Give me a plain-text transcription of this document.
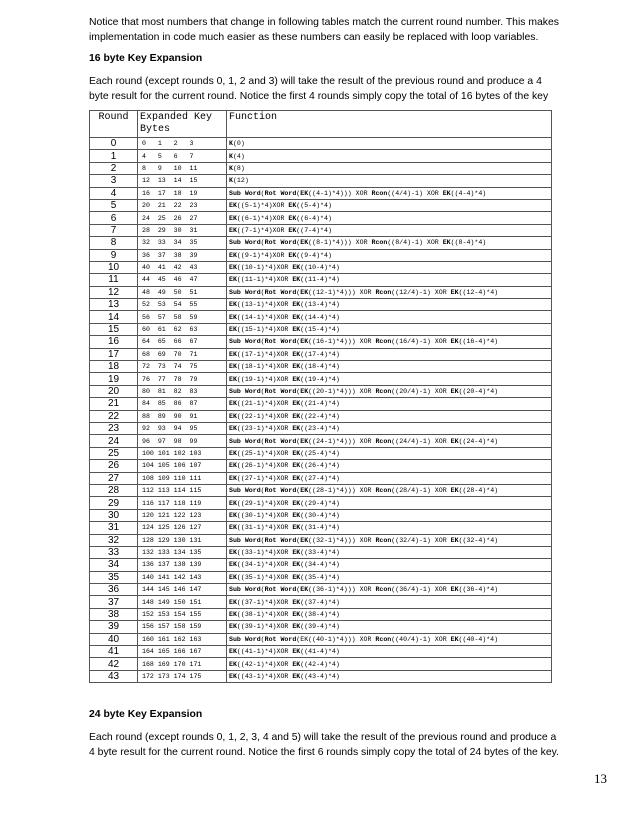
Notice that most numbers that change in following tables match the current round number. This makes implementation in code much easier as these numbers can easily be replaced with loop variables.
16 byte Key Expansion
Each round (except rounds 0, 1, 2 and 3) will take the result of the previous round and produce a 4 byte result for the current round. Notice the first 4 rounds simply copy the total of 16 bytes of the key
Round	Expanded Key Bytes	Function
0	0   1   2   3	K(0)
1	4   5   6   7	K(4)
2	8   9   10  11	K(8)
3	12  13  14  15	K(12)
4	16  17  18  19	Sub Word(Rot Word(EK((4-1)*4))) XOR Rcon((4/4)-1) XOR EK((4-4)*4)
5	20  21  22  23	EK((5-1)*4)XOR EK((5-4)*4)
6	24  25  26  27	EK((6-1)*4)XOR EK((6-4)*4)
7	28  29  30  31	EK((7-1)*4)XOR EK((7-4)*4)
8	32  33  34  35	Sub Word(Rot Word(EK((8-1)*4))) XOR Rcon((8/4)-1) XOR EK((8-4)*4)
9	36  37  38  39	EK((9-1)*4)XOR EK((9-4)*4)
10	40  41  42  43	EK((10-1)*4)XOR EK((10-4)*4)
11	44  45  46  47	EK((11-1)*4)XOR EK((11-4)*4)
12	48  49  50  51	Sub Word(Rot Word(EK((12-1)*4))) XOR Rcon((12/4)-1) XOR EK((12-4)*4)
13	52  53  54  55	EK((13-1)*4)XOR EK((13-4)*4)
14	56  57  58  59	EK((14-1)*4)XOR EK((14-4)*4)
15	60  61  62  63	EK((15-1)*4)XOR EK((15-4)*4)
16	64  65  66  67	Sub Word(Rot Word(EK((16-1)*4))) XOR Rcon((16/4)-1) XOR EK((16-4)*4)
17	68  69  70  71	EK((17-1)*4)XOR EK((17-4)*4)
18	72  73  74  75	EK((18-1)*4)XOR EK((18-4)*4)
19	76  77  78  79	EK((19-1)*4)XOR EK((19-4)*4)
20	80  81  82  83	Sub Word(Rot Word(EK((20-1)*4))) XOR Rcon((20/4)-1) XOR EK((20-4)*4)
21	84  85  86  87	EK((21-1)*4)XOR EK((21-4)*4)
22	88  89  90  91	EK((22-1)*4)XOR EK((22-4)*4)
23	92  93  94  95	EK((23-1)*4)XOR EK((23-4)*4)
24	96  97  98  99	Sub Word(Rot Word(EK((24-1)*4))) XOR Rcon((24/4)-1) XOR EK((24-4)*4)
25	100 101 102 103	EK((25-1)*4)XOR EK((25-4)*4)
26	104 105 106 107	EK((26-1)*4)XOR EK((26-4)*4)
27	108 109 110 111	EK((27-1)*4)XOR EK((27-4)*4)
28	112 113 114 115	Sub Word(Rot Word(EK((28-1)*4))) XOR Rcon((28/4)-1) XOR EK((28-4)*4)
29	116 117 118 119	EK((29-1)*4)XOR EK((29-4)*4)
30	120 121 122 123	EK((30-1)*4)XOR EK((30-4)*4)
31	124 125 126 127	EK((31-1)*4)XOR EK((31-4)*4)
32	128 129 130 131	Sub Word(Rot Word(EK((32-1)*4))) XOR Rcon((32/4)-1) XOR EK((32-4)*4)
33	132 133 134 135	EK((33-1)*4)XOR EK((33-4)*4)
34	136 137 138 139	EK((34-1)*4)XOR EK((34-4)*4)
35	140 141 142 143	EK((35-1)*4)XOR EK((35-4)*4)
36	144 145 146 147	Sub Word(Rot Word(EK((36-1)*4))) XOR Rcon((36/4)-1) XOR EK((36-4)*4)
37	148 149 150 151	EK((37-1)*4)XOR EK((37-4)*4)
38	152 153 154 155	EK((38-1)*4)XOR EK((38-4)*4)
39	156 157 158 159	EK((39-1)*4)XOR EK((39-4)*4)
40	160 161 162 163	Sub Word(Rot Word(EK((40-1)*4))) XOR Rcon((40/4)-1) XOR EK((40-4)*4)
41	164 165 166 167	EK((41-1)*4)XOR EK((41-4)*4)
42	168 169 170 171	EK((42-1)*4)XOR EK((42-4)*4)
43	172 173 174 175	EK((43-1)*4)XOR EK((43-4)*4)
24 byte Key Expansion
Each round (except rounds 0, 1, 2, 3, 4 and 5) will take the result of the previous round and produce a 4 byte result for the current round. Notice the first 6 rounds simply copy the total of 24 bytes of the key.
13
